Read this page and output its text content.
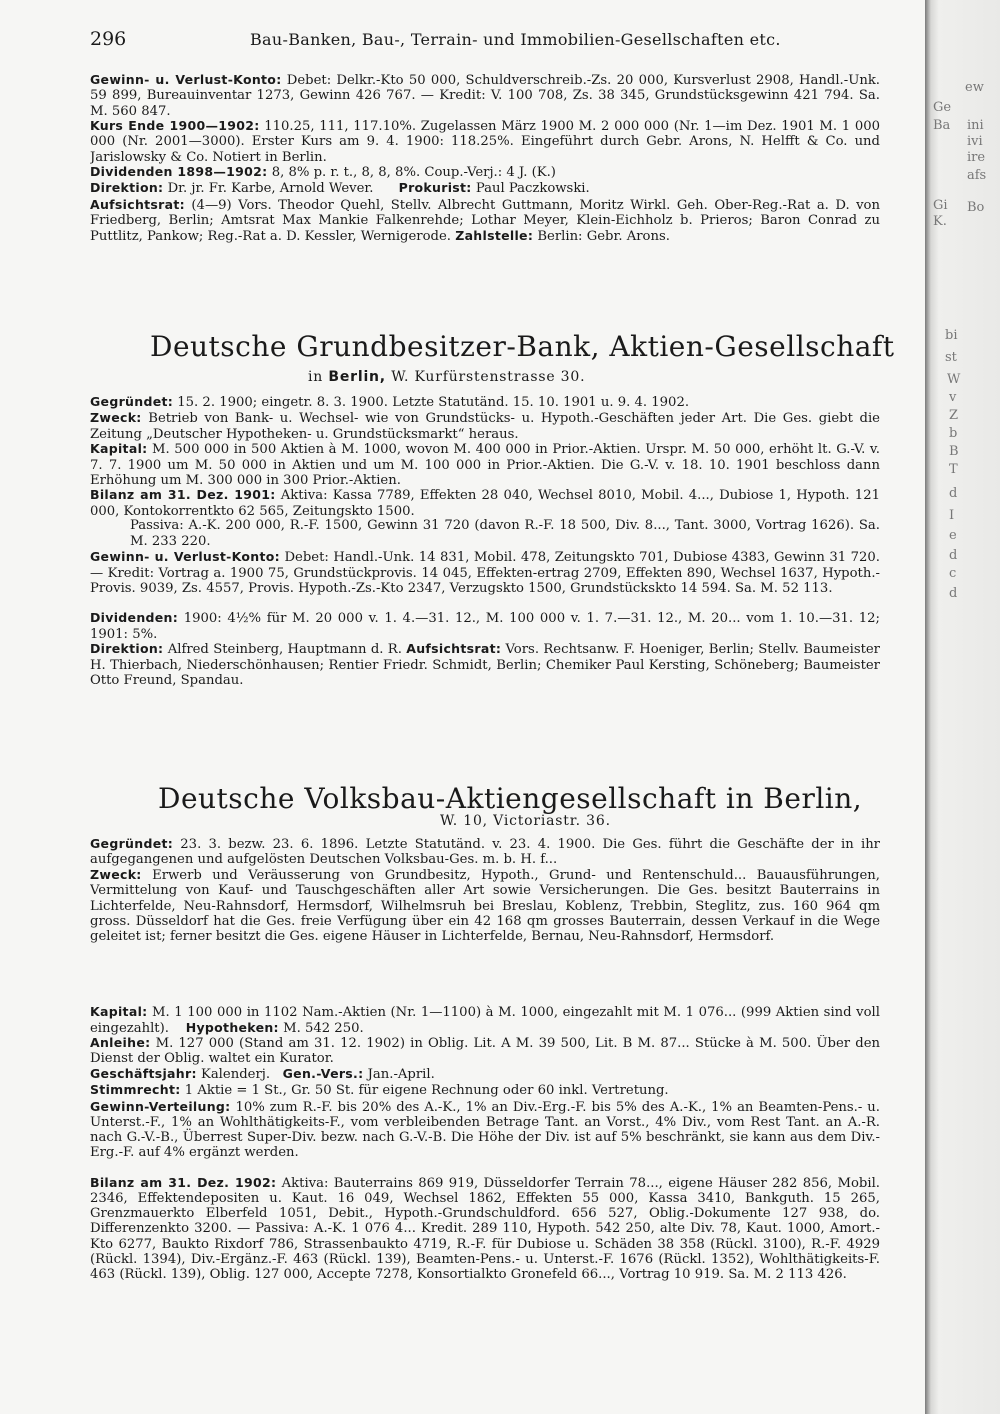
296	Bau-Banken, Bau-, Terrain- und Immobilien-Gesellschaften etc.

Gewinn- u. Verlust-Konto: Debet: Delkr.-Kto 50 000, Schuldverschreib.-Zs. 20 000, Kursverlust 2908, Handl.-Unk. 59 899, Bureauinventar 1273, Gewinn 426 767. — Kredit: V. 100 708, Zs. 38 345, Grundstücksgewinn 421 794. Sa. M. 560 847.

Kurs Ende 1900—1902: 110.25, 111, 117.10%. Zugelassen März 1900 M. 2 000 000 (Nr. 1—im Dez. 1901 M. 1 000 000 (Nr. 2001—3000). Erster Kurs am 9. 4. 1900: 118.25%. Eingeführt durch Gebr. Arons, N. Helfft & Co. und Jarislowsky & Co. Notiert in Berlin.

Dividenden 1898—1902: 8, 8% p. r. t., 8, 8, 8%. Coup.-Verj.: 4 J. (K.)

Direktion: Dr. jr. Fr. Karbe, Arnold Wever. Prokurist: Paul Paczkowski.

Aufsichtsrat: (4—9) Vors. Theodor Quehl, Stellv. Albrecht Guttmann, Moritz Wirkl. Geh. Ober-Reg.-Rat a. D. von Friedberg, Berlin; Amtsrat Max Mankie Falkenrehde; Lothar Meyer, Klein-Eichholz b. Prieros; Baron Conrad zu Puttlitz, Pankow; Reg.-Rat a. D. Kessler, Wernigerode. Zahlstelle: Berlin: Gebr. Arons.

Deutsche Grundbesitzer-Bank, Aktien-Gesellschaft
in Berlin, W. Kurfürstenstrasse 30.

Gegründet: 15. 2. 1900; eingetr. 8. 3. 1900. Letzte Statutänd. 15. 10. 1901 u. 9. 4. 1902.

Zweck: Betrieb von Bank- u. Wechsel- wie von Grundstücks- u. Hypoth.-Geschäften jeder Art. Die Ges. giebt die Zeitung „Deutscher Hypotheken- u. Grundstücksmarkt“ heraus.

Kapital: M. 500 000 in 500 Aktien à M. 1000, wovon M. 400 000 in Prior.-Aktien. Urspr. M. 50 000, erhöht lt. G.-V. v. 7. 7. 1900 um M. 50 000 in Aktien und um M. 100 000 in Prior.-Aktien. Die G.-V. v. 18. 10. 1901 beschloss dann Erhöhung um M. 300 000 in 300 Prior.-Aktien.

Bilanz am 31. Dez. 1901: Aktiva: Kassa 7789, Effekten 28 040, Wechsel 8010, Mobil. 4..., Dubiose 1, Hypoth. 121 000, Kontokorrentkto 62 565, Zeitungskto 1500.

Passiva: A.-K. 200 000, R.-F. 1500, Gewinn 31 720 (davon R.-F. 18 500, Div. 8..., Tant. 3000, Vortrag 1626). Sa. M. 233 220.

Gewinn- u. Verlust-Konto: Debet: Handl.-Unk. 14 831, Mobil. 478, Zeitungskto 701, Dubiose 4383, Gewinn 31 720. — Kredit: Vortrag a. 1900 75, Grundstückprovis. 14 045, Effekten-ertrag 2709, Effekten 890, Wechsel 1637, Hypoth.-Provis. 9039, Zs. 4557, Provis. Hypoth.-Zs.-Kto 2347, Verzugskto 1500, Grundstückskto 14 594. Sa. M. 52 113.

Dividenden: 1900: 4½% für M. 20 000 v. 1. 4.—31. 12., M. 100 000 v. 1. 7.—31. 12., M. 20... vom 1. 10.—31. 12; 1901: 5%.

Direktion: Alfred Steinberg, Hauptmann d. R. Aufsichtsrat: Vors. Rechtsanw. F. Hoeniger, Berlin; Stellv. Baumeister H. Thierbach, Niederschönhausen; Rentier Friedr. Schmidt, Berlin; Chemiker Paul Kersting, Schöneberg; Baumeister Otto Freund, Spandau.

Deutsche Volksbau-Aktiengesellschaft in Berlin,
W. 10, Victoriastr. 36.

Gegründet: 23. 3. bezw. 23. 6. 1896. Letzte Statutänd. v. 23. 4. 1900. Die Ges. führt die Geschäfte der in ihr aufgegangenen und aufgelösten Deutschen Volksbau-Ges. m. b. H. f...

Zweck: Erwerb und Veräusserung von Grundbesitz, Hypoth., Grund- und Rentenschuld... Bauausführungen, Vermittelung von Kauf- und Tauschgeschäften aller Art sowie Versicherungen. Die Ges. besitzt Bauterrains in Lichterfelde, Neu-Rahnsdorf, Hermsdorf, Wilhelmsruh bei Breslau, Koblenz, Trebbin, Steglitz, zus. 160 964 qm gross. Düsseldorf hat die Ges. freie Verfügung über ein 42 168 qm grosses Bauterrain, dessen Verkauf in die Wege geleitet ist; ferner besitzt die Ges. eigene Häuser in Lichterfelde, Bernau, Neu-Rahnsdorf, Hermsdorf.

Kapital: M. 1 100 000 in 1102 Nam.-Aktien (Nr. 1—1100) à M. 1000, eingezahlt mit M. 1 076... (999 Aktien sind voll eingezahlt). Hypotheken: M. 542 250.

Anleihe: M. 127 000 (Stand am 31. 12. 1902) in Oblig. Lit. A M. 39 500, Lit. B M. 87... Stücke à M. 500. Über den Dienst der Oblig. waltet ein Kurator.

Geschäftsjahr: Kalenderj. Gen.-Vers.: Jan.-April.

Stimmrecht: 1 Aktie = 1 St., Gr. 50 St. für eigene Rechnung oder 60 inkl. Vertretung.

Gewinn-Verteilung: 10% zum R.-F. bis 20% des A.-K., 1% an Div.-Erg.-F. bis 5% des A.-K., 1% an Beamten-Pens.- u. Unterst.-F., 1% an Wohlthätigkeits-F., vom verbleibenden Betrage Tant. an Vorst., 4% Div., vom Rest Tant. an A.-R. nach G.-V.-B., Überrest Super-Div. bezw. nach G.-V.-B. Die Höhe der Div. ist auf 5% beschränkt, sie kann aus dem Div.-Erg.-F. auf 4% ergänzt werden.

Bilanz am 31. Dez. 1902: Aktiva: Bauterrains 869 919, Düsseldorfer Terrain 78..., eigene Häuser 282 856, Mobil. 2346, Effektendepositen u. Kaut. 16 049, Wechsel 1862, Effekten 55 000, Kassa 3410, Bankguth. 15 265, Grenzmauerkto Elberfeld 1051, Debit., Hypoth.-Grundschuldford. 656 527, Oblig.-Dokumente 127 938, do. Differenzenkto 3200. — Passiva: A.-K. 1 076 4... Kredit. 289 110, Hypoth. 542 250, alte Div. 78, Kaut. 1000, Amort.-Kto 6277, Baukto Rixdorf 786, Strassenbaukto 4719, R.-F. für Dubiose u. Schäden 38 358 (Rückl. 3100), R.-F. 4929 (Rückl. 1394), Div.-Ergänz.-F. 463 (Rückl. 139), Beamten-Pens.- u. Unterst.-F. 1676 (Rückl. 1352), Wohlthätigkeits-F. 463 (Rückl. 139), Oblig. 127 000, Accepte 7278, Konsortialkto Gronefeld 66..., Vortrag 10 919. Sa. M. 2 113 426.

ew
Ge
Ba ini
ivi
ire
afs
Gi
K.
Bo
bi
st
W
v
Z
b
B
T
d
I
e
d
c
d
